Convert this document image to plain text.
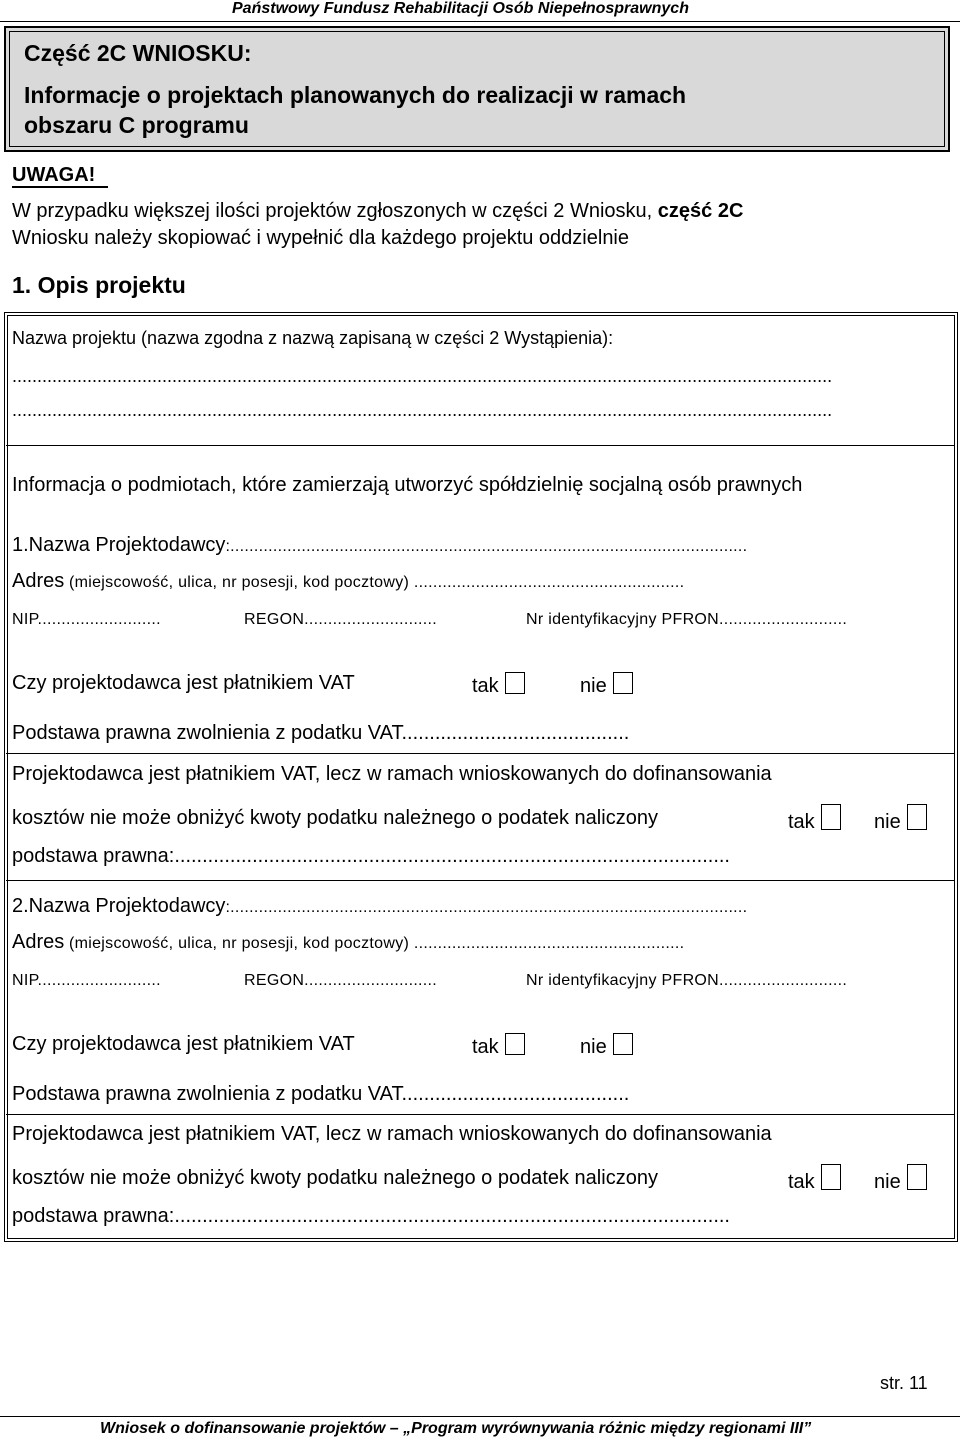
Państwowy Fundusz Rehabilitacji Osób Niepełnosprawnych
Część 2C WNIOSKU:
Informacje o projektach planowanych do realizacji w ramach
obszaru C programu
UWAGA!
W przypadku większej ilości projektów zgłoszonych w części 2 Wniosku, część 2C
Wniosku należy skopiować i wypełnić dla każdego projektu oddzielnie
1. Opis projektu
Nazwa projektu (nazwa zgodna z nazwą zapisaną w części 2 Wystąpienia):
....................................................................................................................................................................
....................................................................................................................................................................
Informacja o podmiotach, które zamierzają utworzyć spółdzielnię socjalną osób prawnych
1.Nazwa Projektodawcy:.............................................................................................................
Adres (miejscowość, ulica, nr posesji, kod pocztowy) .........................................................
NIP..........................	REGON............................	Nr identyfikacyjny PFRON...........................
Czy projektodawca jest płatnikiem VAT	tak	nie
Podstawa prawna zwolnienia z podatku VAT.........................................
Projektodawca jest płatnikiem VAT, lecz w ramach wnioskowanych do dofinansowania
kosztów nie może obniżyć kwoty podatku należnego o podatek naliczony	tak	nie
podstawa prawna:....................................................................................................
2.Nazwa Projektodawcy:.............................................................................................................
Adres (miejscowość, ulica, nr posesji, kod pocztowy) .........................................................
NIP..........................	REGON............................	Nr identyfikacyjny PFRON...........................
Czy projektodawca jest płatnikiem VAT	tak	nie
Podstawa prawna zwolnienia z podatku VAT.........................................
Projektodawca jest płatnikiem VAT, lecz w ramach wnioskowanych do dofinansowania
kosztów nie może obniżyć kwoty podatku należnego o podatek naliczony	tak	nie
podstawa prawna:....................................................................................................
str. 11
Wniosek o dofinansowanie projektów – „Program wyrównywania różnic między regionami III”
